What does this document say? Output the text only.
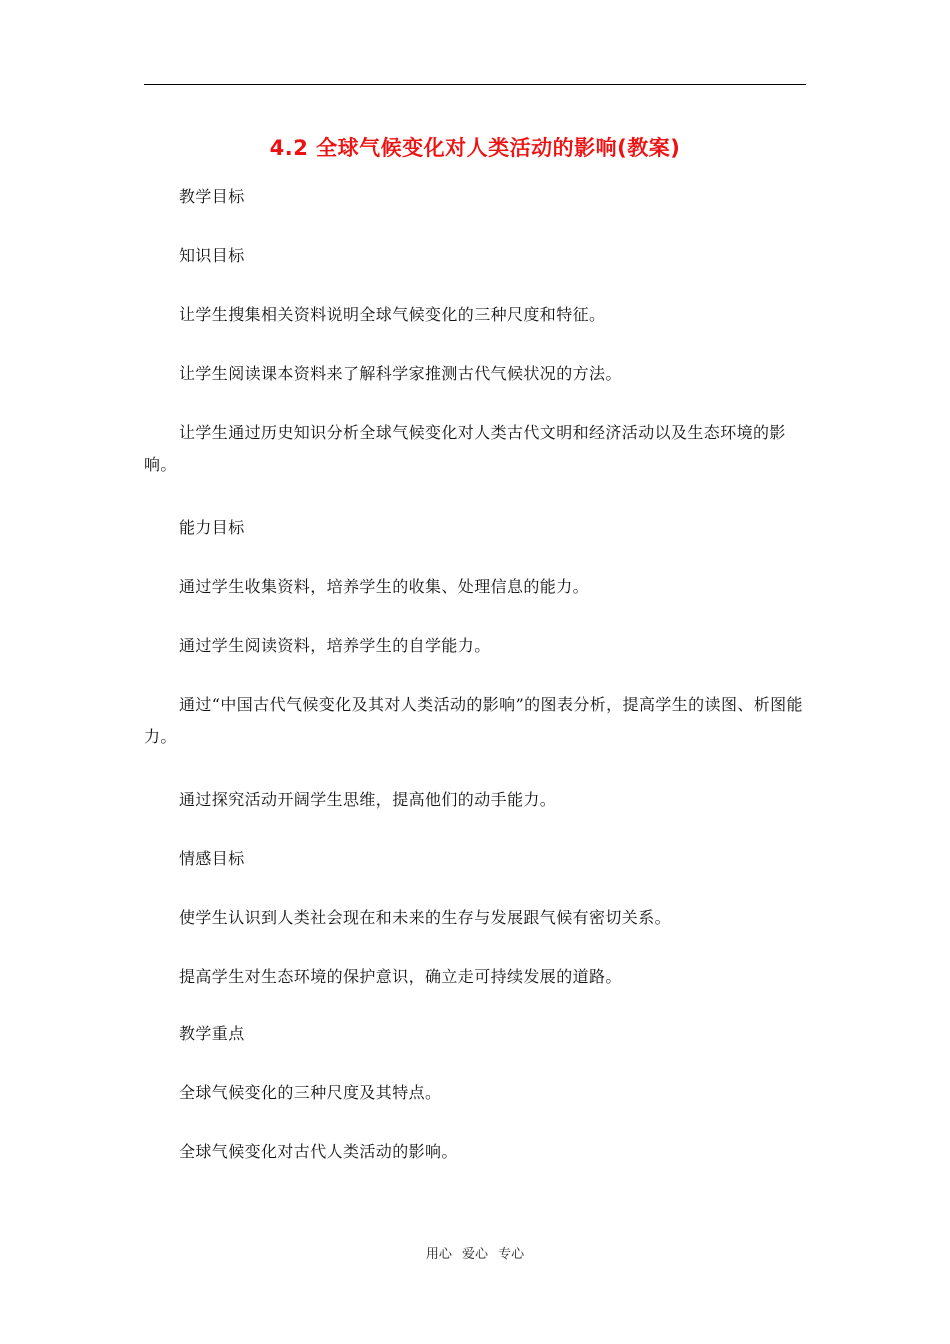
4.2 全球气候变化对人类活动的影响(教案)

教学目标

知识目标

让学生搜集相关资料说明全球气候变化的三种尺度和特征。

让学生阅读课本资料来了解科学家推测古代气候状况的方法。

让学生通过历史知识分析全球气候变化对人类古代文明和经济活动以及生态环境的影响。

能力目标

通过学生收集资料，培养学生的收集、处理信息的能力。

通过学生阅读资料，培养学生的自学能力。

通过“中国古代气候变化及其对人类活动的影响”的图表分析，提高学生的读图、析图能力。

通过探究活动开阔学生思维，提高他们的动手能力。

情感目标

使学生认识到人类社会现在和未来的生存与发展跟气候有密切关系。

提高学生对生态环境的保护意识，确立走可持续发展的道路。

教学重点

全球气候变化的三种尺度及其特点。

全球气候变化对古代人类活动的影响。

用心 爱心 专心
